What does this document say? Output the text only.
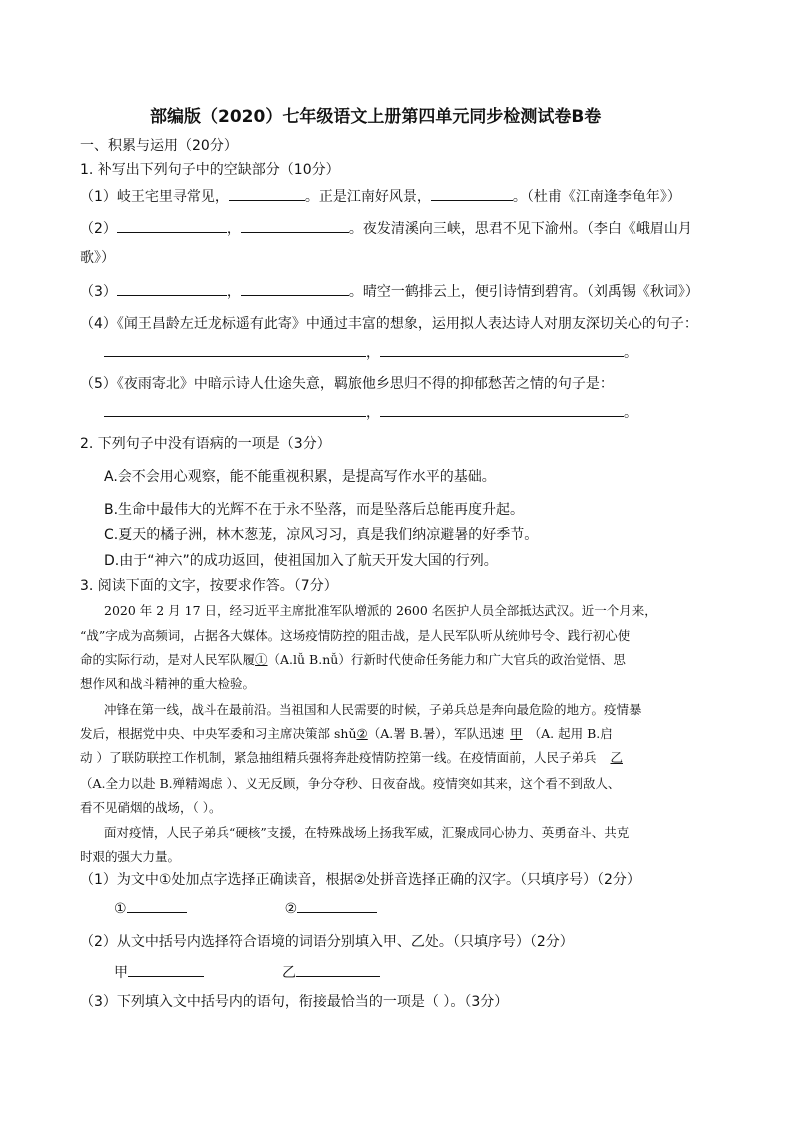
部编版（2020）七年级语文上册第四单元同步检测试卷B卷
一、积累与运用（20分）
1. 补写出下列句子中的空缺部分（10分）
（1）岐王宅里寻常见，	。正是江南好风景，	。（杜甫《江南逢李龟年》）
（2）	，	。夜发清溪向三峡，思君不见下渝州。（李白《峨眉山月
歌》）
（3）	，	。晴空一鹤排云上，便引诗情到碧宵。（刘禹锡《秋词》）
（4）《闻王昌龄左迁龙标遥有此寄》中通过丰富的想象，运用拟人表达诗人对朋友深切关心的句子：
，	。
（5）《夜雨寄北》中暗示诗人仕途失意，羁旅他乡思归不得的抑郁愁苦之情的句子是：
，	。
2. 下列句子中没有语病的一项是（3分）
A.会不会用心观察，能不能重视积累，是提高写作水平的基础。
B.生命中最伟大的光辉不在于永不坠落，而是坠落后总能再度升起。
C.夏天的橘子洲，林木葱茏，凉风习习，真是我们纳凉避暑的好季节。
D.由于“神六”的成功返回，使祖国加入了航天开发大国的行列。
3. 阅读下面的文字，按要求作答。（7分）
2020 年 2 月 17 日，经习近平主席批准军队增派的 2600 名医护人员全部抵达武汉。近一个月来，
“战”字成为高频词，占据各大媒体。这场疫情防控的阻击战，是人民军队听从统帅号令、践行初心使
命的实际行动，是对人民军队履①（A.lǚ B.nǚ）行新时代使命任务能力和广大官兵的政治觉悟、思
想作风和战斗精神的重大检验。
冲锋在第一线，战斗在最前沿。当祖国和人民需要的时候，子弟兵总是奔向最危险的地方。疫情暴
发后，根据党中央、中央军委和习主席决策部 shǔ②（A.署 B.暑），军队迅速 甲 （A. 起用 B.启
动 ）了联防联控工作机制，紧急抽组精兵强将奔赴疫情防控第一线。在疫情面前，人民子弟兵 乙
（A.全力以赴 B.殚精竭虑 ）、义无反顾，争分夺秒、日夜奋战。疫情突如其来，这个看不到敌人、
看不见硝烟的战场，（ ）。
面对疫情，人民子弟兵“硬核”支援，在特殊战场上扬我军威，汇聚成同心协力、英勇奋斗、共克
时艰的强大力量。
（1）为文中①处加点字选择正确读音，根据②处拼音选择正确的汉字。（只填序号）（2分）
①	②
（2）从文中括号内选择符合语境的词语分别填入甲、乙处。（只填序号）（2分）
甲	乙
（3）下列填入文中括号内的语句，衔接最恰当的一项是（ ）。（3分）
